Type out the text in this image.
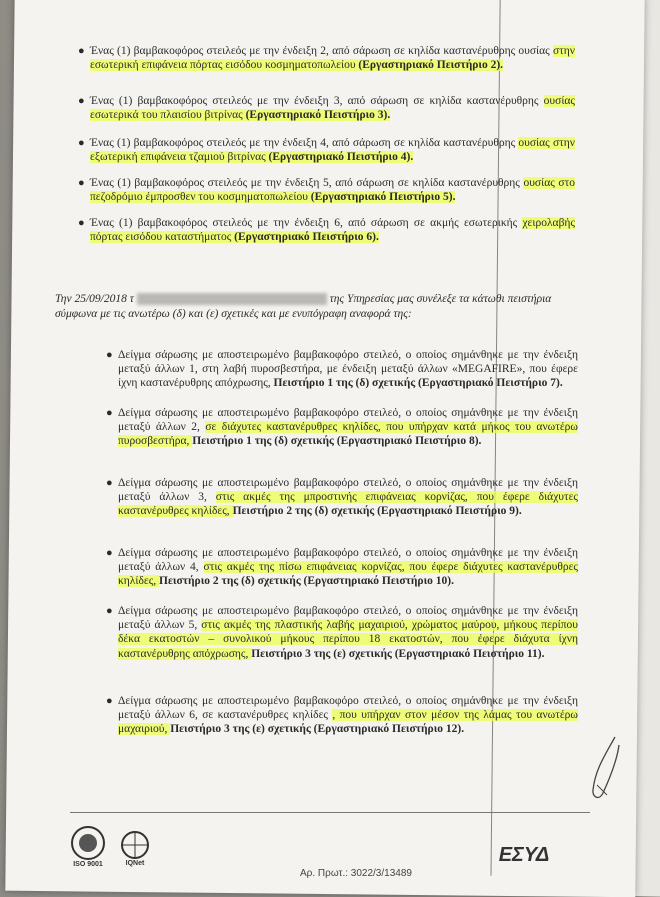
● Ένας (1) βαμβακοφόρος στειλεός με την ένδειξη 2, από σάρωση σε κηλίδα καστανέρυθρης ουσίας στην εσωτερική επιφάνεια πόρτας εισόδου κοσμηματοπωλείου (Εργαστηριακό Πειστήριο 2).
● Ένας (1) βαμβακοφόρος στειλεός με την ένδειξη 3, από σάρωση σε κηλίδα καστανέρυθρης ουσίας εσωτερικά του πλαισίου βιτρίνας (Εργαστηριακό Πειστήριο 3).
● Ένας (1) βαμβακοφόρος στειλεός με την ένδειξη 4, από σάρωση σε κηλίδα καστανέρυθρης ουσίας στην εξωτερική επιφάνεια τζαμιού βιτρίνας (Εργαστηριακό Πειστήριο 4).
● Ένας (1) βαμβακοφόρος στειλεός με την ένδειξη 5, από σάρωση σε κηλίδα καστανέρυθρης ουσίας στο πεζοδρόμιο έμπροσθεν του κοσμηματοπωλείου (Εργαστηριακό Πειστήριο 5).
● Ένας (1) βαμβακοφόρος στειλεός με την ένδειξη 6, από σάρωση σε ακμής εσωτερικής χειρολαβής πόρτας εισόδου καταστήματος (Εργαστηριακό Πειστήριο 6).
Την 25/09/2018 τ	της Υπηρεσίας μας συνέλεξε τα κάτωθι πειστήρια σύμφωνα με τις ανωτέρω (δ) και (ε) σχετικές και με ενυπόγραφη αναφορά της:
● Δείγμα σάρωσης με αποστειρωμένο βαμβακοφόρο στειλεό, ο οποίος σημάνθηκε με την ένδειξη μεταξύ άλλων 1, στη λαβή πυροσβεστήρα, με ένδειξη μεταξύ άλλων «MEGAFIRE», που έφερε ίχνη καστανέρυθρης απόχρωσης, Πειστήριο 1 της (δ) σχετικής (Εργαστηριακό Πειστήριο 7).
● Δείγμα σάρωσης με αποστειρωμένο βαμβακοφόρο στειλεό, ο οποίος σημάνθηκε με την ένδειξη μεταξύ άλλων 2, σε διάχυτες καστανέρυθρες κηλίδες, που υπήρχαν κατά μήκος του ανωτέρω πυροσβεστήρα, Πειστήριο 1 της (δ) σχετικής (Εργαστηριακό Πειστήριο 8).
● Δείγμα σάρωσης με αποστειρωμένο βαμβακοφόρο στειλεό, ο οποίος σημάνθηκε με την ένδειξη μεταξύ άλλων 3, στις ακμές της μπροστινής επιφάνειας κορνίζας, που έφερε διάχυτες καστανέρυθρες κηλίδες, Πειστήριο 2 της (δ) σχετικής (Εργαστηριακό Πειστήριο 9).
● Δείγμα σάρωσης με αποστειρωμένο βαμβακοφόρο στειλεό, ο οποίος σημάνθηκε με την ένδειξη μεταξύ άλλων 4, στις ακμές της πίσω επιφάνειας κορνίζας, που έφερε διάχυτες καστανέρυθρες κηλίδες, Πειστήριο 2 της (δ) σχετικής (Εργαστηριακό Πειστήριο 10).
● Δείγμα σάρωσης με αποστειρωμένο βαμβακοφόρο στειλεό, ο οποίος σημάνθηκε με την ένδειξη μεταξύ άλλων 5, στις ακμές της πλαστικής λαβής μαχαιριού, χρώματος μαύρου, μήκους περίπου δέκα εκατοστών – συνολικού μήκους περίπου 18 εκατοστών, που έφερε διάχυτα ίχνη καστανέρυθρης απόχρωσης, Πειστήριο 3 της (ε) σχετικής (Εργαστηριακό Πειστήριο 11).
● Δείγμα σάρωσης με αποστειρωμένο βαμβακοφόρο στειλεό, ο οποίος σημάνθηκε με την ένδειξη μεταξύ άλλων 6, σε καστανέρυθρες κηλίδες , που υπήρχαν στον μέσον της λάμας του ανωτέρω μαχαιριού, Πειστήριο 3 της (ε) σχετικής (Εργαστηριακό Πειστήριο 12).
ISO 9001	IQNet	ΕΣΥΔ
Αρ. Πρωτ.: 3022/3/13489
